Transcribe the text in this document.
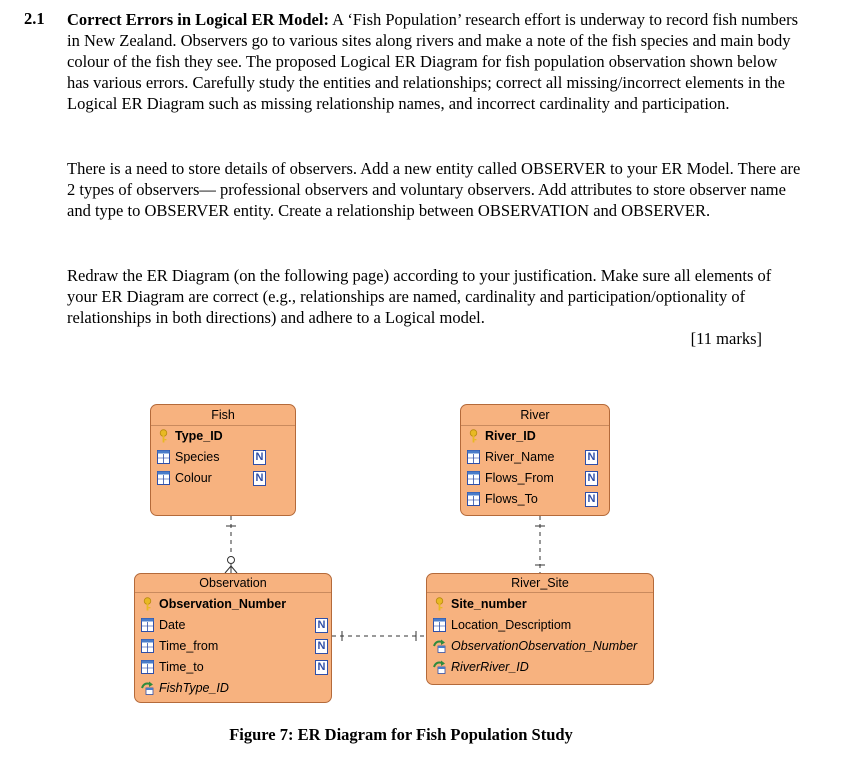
2.1 Correct Errors in Logical ER Model: A ‘Fish Population’ research effort is underway to record fish numbers in New Zealand. Observers go to various sites along rivers and make a note of the fish species and main body colour of the fish they see. The proposed Logical ER Diagram for fish population observation shown below has various errors. Carefully study the entities and relationships; correct all missing/incorrect elements in the Logical ER Diagram such as missing relationship names, and incorrect cardinality and participation.
There is a need to store details of observers. Add a new entity called OBSERVER to your ER Model. There are 2 types of observers— professional observers and voluntary observers. Add attributes to store observer name and type to OBSERVER entity. Create a relationship between OBSERVATION and OBSERVER.
Redraw the ER Diagram (on the following page) according to your justification. Make sure all elements of your ER Diagram are correct (e.g., relationships are named, cardinality and participation/optionality of relationships in both directions) and adhere to a Logical model.
[11 marks]
Fish
Type_ID
Species
Colour
N
N
River
River_ID
River_Name
Flows_From
Flows_To
N
N
N
Observation
Observation_Number
Date
Time_from
Time_to
FishType_ID
N
N
N
River_Site
Site_number
Location_Descriptiom
ObservationObservation_Number
RiverRiver_ID
Figure 7: ER Diagram for Fish Population Study
